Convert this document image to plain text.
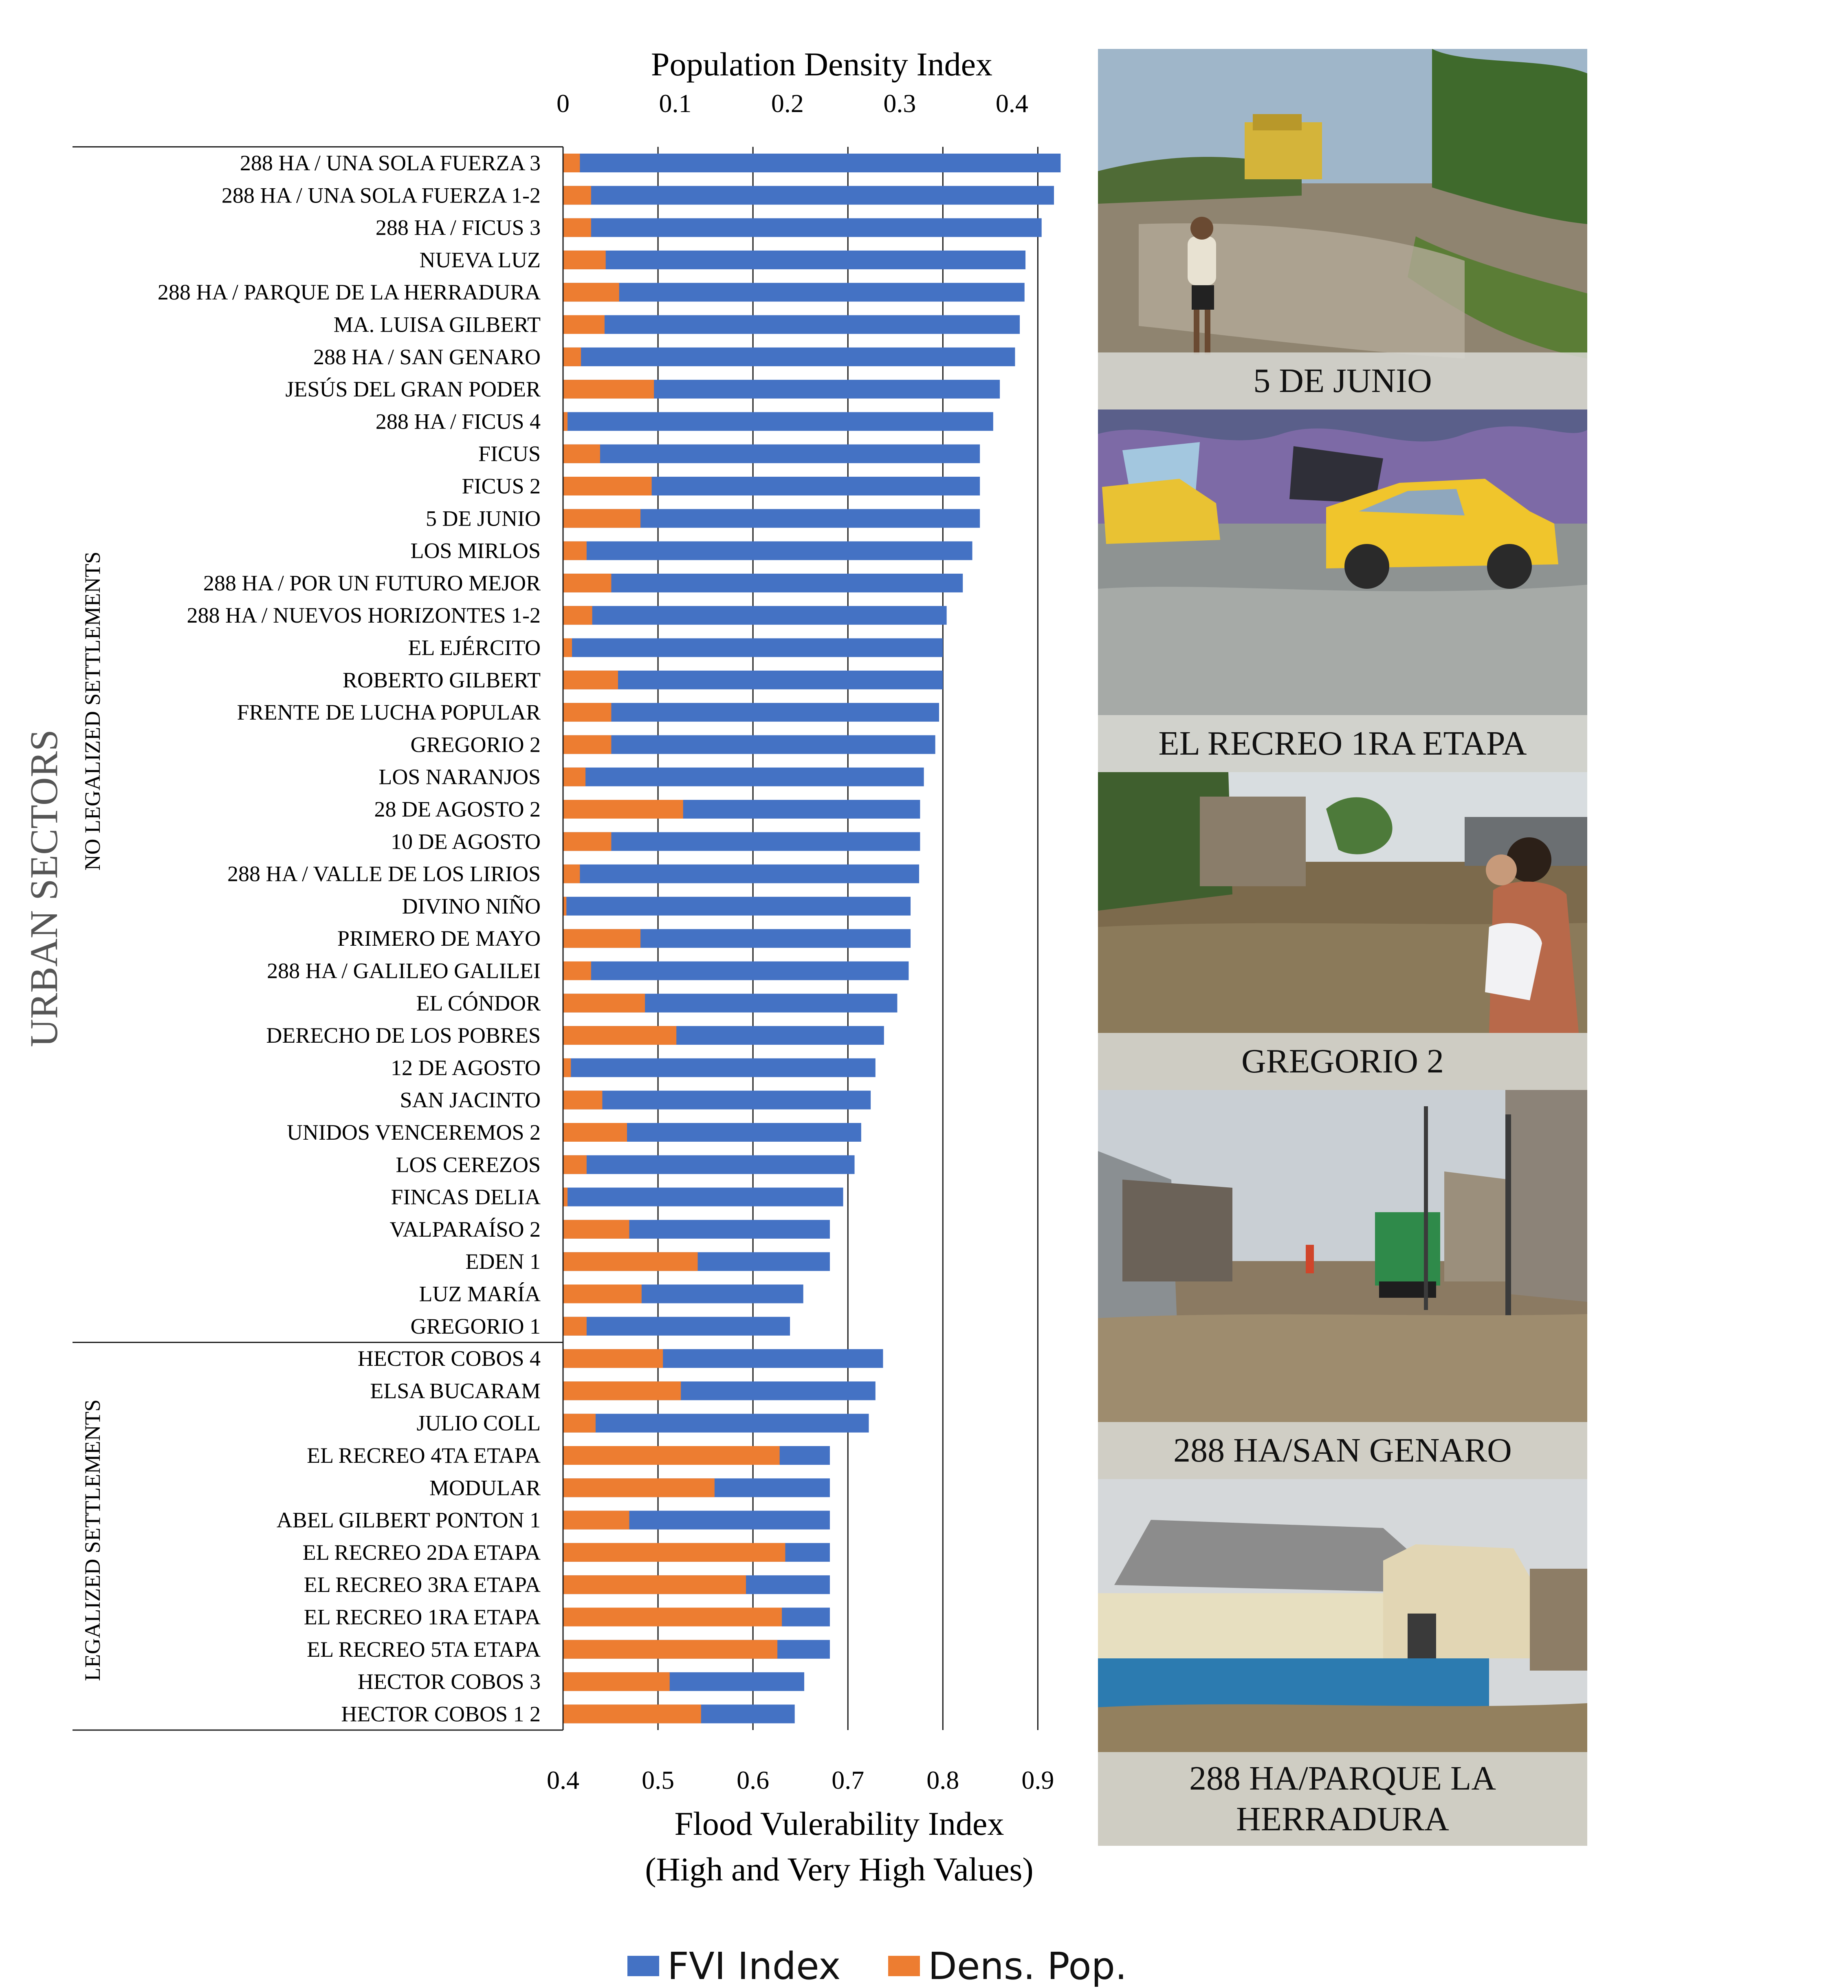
288 HA / UNA SOLA FUERZA 3
288 HA / UNA SOLA FUERZA 1-2
288 HA / FICUS 3
NUEVA LUZ
288 HA / PARQUE DE LA HERRADURA
MA. LUISA GILBERT
288 HA / SAN GENARO
JESÚS DEL GRAN PODER
288 HA / FICUS 4
FICUS
FICUS 2
5 DE JUNIO
LOS MIRLOS
288 HA / POR UN FUTURO MEJOR
288 HA / NUEVOS HORIZONTES 1-2
EL EJÉRCITO
ROBERTO GILBERT
FRENTE DE LUCHA POPULAR
GREGORIO 2
LOS NARANJOS
28 DE AGOSTO 2
10 DE AGOSTO
288 HA / VALLE DE LOS LIRIOS
DIVINO NIÑO
PRIMERO DE MAYO
288 HA / GALILEO GALILEI
EL CÓNDOR
DERECHO DE LOS POBRES
12 DE AGOSTO
SAN JACINTO
UNIDOS VENCEREMOS 2
LOS CEREZOS
FINCAS DELIA
VALPARAÍSO 2
EDEN 1
LUZ MARÍA
GREGORIO 1
HECTOR COBOS 4
ELSA BUCARAM
JULIO COLL
EL RECREO 4TA ETAPA
MODULAR
ABEL GILBERT PONTON 1
EL RECREO 2DA ETAPA
EL RECREO 3RA ETAPA
EL RECREO 1RA ETAPA
EL RECREO 5TA ETAPA
HECTOR COBOS 3
HECTOR COBOS 1 2
0	0.1	0.2	0.3	0.4
0.4 0.5 0.6 0.7 0.8 0.9
Population Density Index
Flood Vulerability Index
(High and Very High Values)
URBAN SECTORS
NO LEGALIZED SETTLEMENTS
LEGALIZED SETTLEMENTS
5 DE JUNIO
EL RECREO 1RA ETAPA
GREGORIO 2
288 HA/SAN GENARO
288 HA/PARQUE LA HERRADURA
FVI Index Dens. Pop.
